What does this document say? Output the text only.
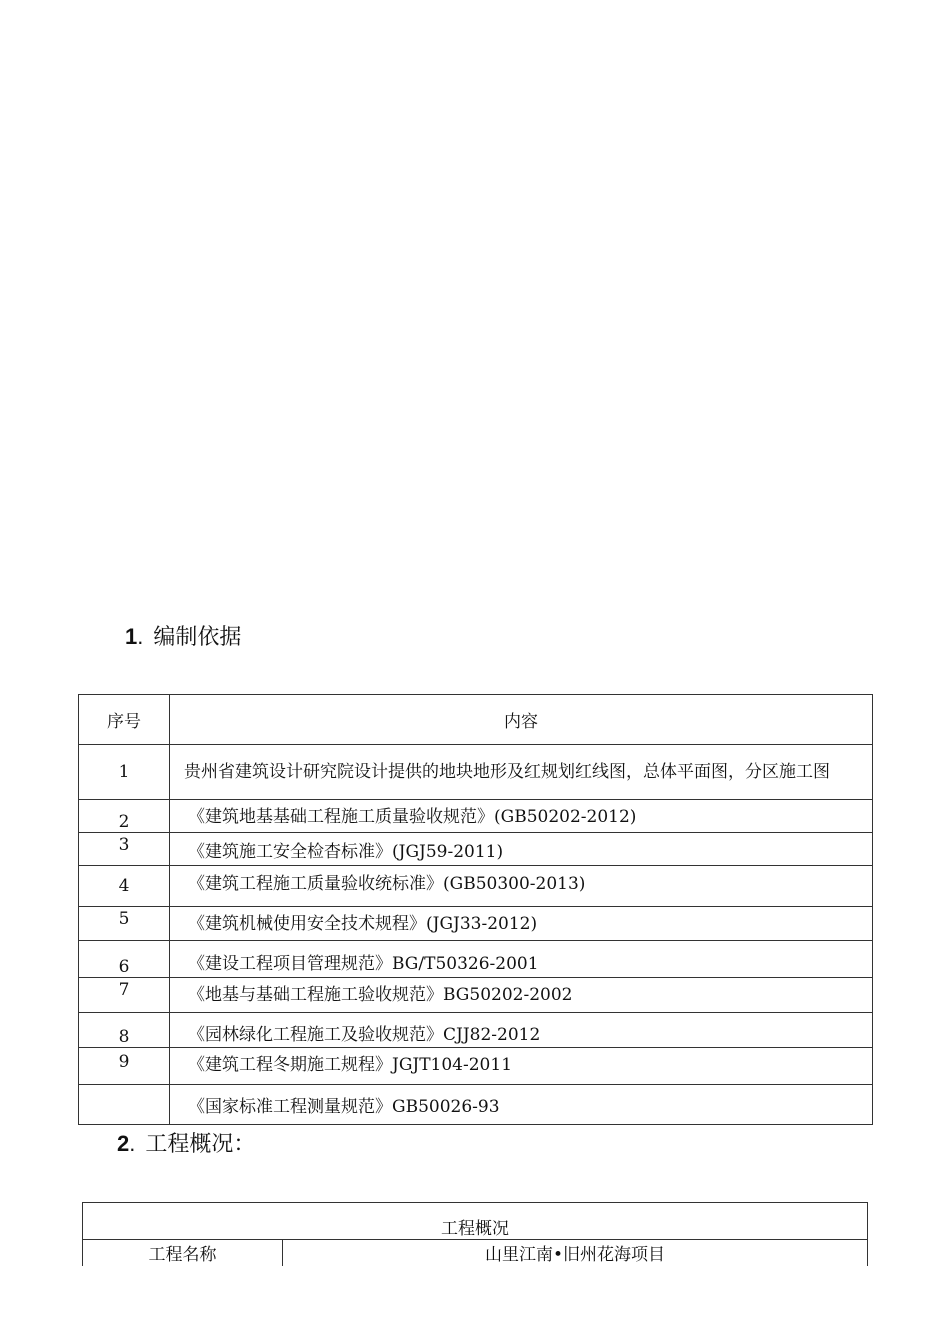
1. 编制依据
序号	内容
1	贵州省建筑设计研究院设计提供的地块地形及红规划红线图，总体平面图，分区施工图
2	《建筑地基基础工程施工质量验收规范》(GB50202-2012)
3	《建筑施工安全检杳标准》(JGJ59-2011)
4	《建筑工程施工质量验收统标准》(GB50300-2013)
5	《建筑机械使用安全技术规程》(JGJ33-2012)
6	《建设工程项目管理规范》BG/T50326-2001
7	《地基与基础工程施工验收规范》BG50202-2002
8	《园林绿化工程施工及验收规范》CJJ82-2012
9	《建筑工程冬期施工规程》JGJT104-2011
	《国家标准工程测量规范》GB50026-93
2. 工程概况：
工程概况
工程名称	山里江南•旧州花海项目
